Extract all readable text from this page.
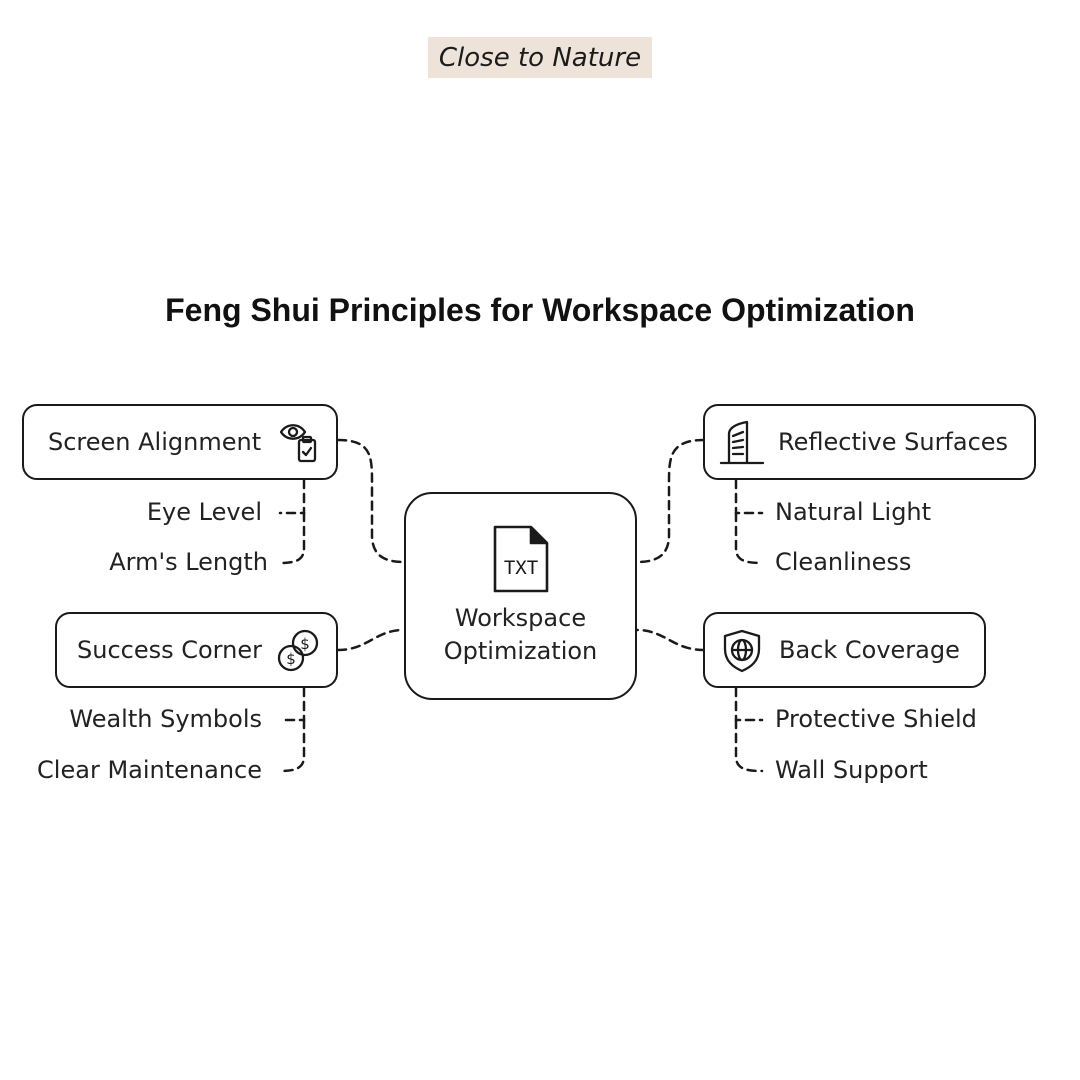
Close to Nature
Feng Shui Principles for Workspace Optimization
Screen Alignment
Eye Level
Arm's Length
Success Corner	$
$
Wealth Symbols
Clear Maintenance
TXT
Workspace
Optimization
Reflective Surfaces
Natural Light
Cleanliness
Back Coverage
Protective Shield
Wall Support
